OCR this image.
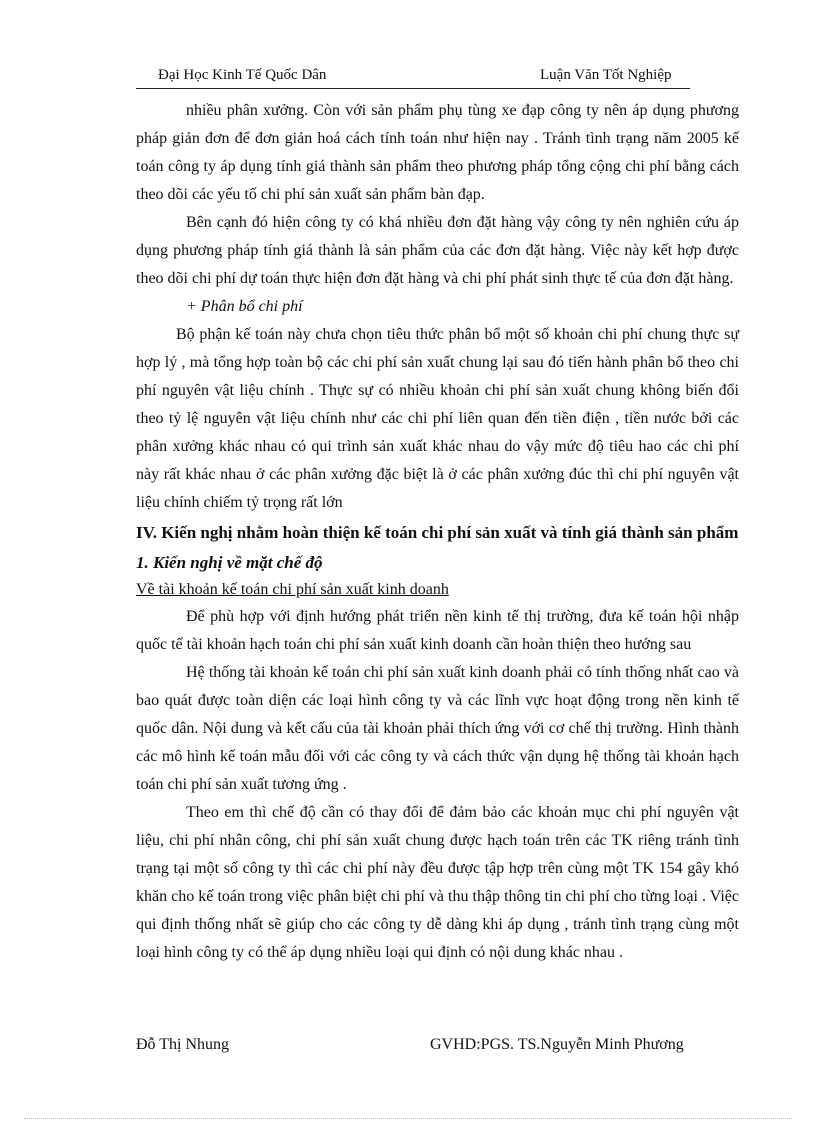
Đại Học Kinh Tế Quốc Dân	Luận Văn Tốt Nghiệp

nhiều phân xưởng. Còn với sản phẩm phụ tùng xe đạp công ty nên áp dụng phương pháp giản đơn để đơn giản hoá cách tính toán như hiện nay . Tránh tình trạng năm 2005 kế toán công ty áp dụng tính giá thành sản phẩm theo phương pháp tổng cộng chi phí bằng cách theo dõi các yếu tố chi phí sản xuất sản phẩm bàn đạp.

Bên cạnh đó hiện công ty có khá nhiều đơn đặt hàng vậy công ty nên nghiên cứu áp dụng phương pháp tính giá thành là sản phẩm của các đơn đặt hàng. Việc này kết hợp được theo dõi chi phí dự toán thực hiện đơn đặt hàng và chi phí phát sinh thực tế của đơn đặt hàng.

+ Phân bổ chi phí

Bộ phận kế toán này chưa chọn tiêu thức phân bổ một số khoản chi phí chung thực sự hợp lý , mà tổng hợp toàn bộ các chi phí sản xuất chung lại sau đó tiến hành phân bổ theo chi phí nguyên vật liệu chính . Thực sự có nhiều khoản chi phí sản xuất chung không biến đổi theo tỷ lệ nguyên vật liệu chính như các chi phí liên quan đến tiền điện , tiền nước bởi các phân xưởng khác nhau có qui trình sản xuất khác nhau do vậy mức độ tiêu hao các chi phí này rất khác nhau ở các phân xưởng đặc biệt là ở các phân xưởng đúc thì chi phí nguyên vật liệu chính chiếm tỷ trọng rất lớn

IV. Kiến nghị nhằm hoàn thiện kế toán chi phí sản xuất và tính giá thành sản phẩm

1. Kiến nghị về mặt chế độ

Về tài khoản kế toán chi phí sản xuất kinh doanh

Để phù hợp với định hướng phát triển nền kinh tế thị trường, đưa kế toán hội nhập quốc tế tài khoản hạch toán chi phí sản xuất kinh doanh cần hoàn thiện theo hướng sau

Hệ thống tài khoản kế toán chi phí sản xuất kinh doanh phải có tính thống nhất cao và bao quát được toàn diện các loại hình công ty và các lĩnh vực hoạt động trong nền kinh tế quốc dân. Nội dung và kết cấu của tài khoản phải thích ứng với cơ chế thị trường. Hình thành các mô hình kế toán mẫu đối với các công ty và cách thức vận dụng hệ thống tài khoản hạch toán chi phí sản xuất tương ứng .

Theo em thì chế độ cần có thay đổi để đảm bảo các khoản mục chi phí nguyên vật liệu, chi phí nhân công, chi phí sản xuất chung được hạch toán trên các TK riêng tránh tình trạng tại một số công ty thì các chi phí này đều được tập hợp trên cùng một TK 154 gây khó khăn cho kế toán trong việc phân biệt chi phí và thu thập thông tin chi phí cho từng loại . Việc qui định thống nhất sẽ giúp cho các công ty dễ dàng khi áp dụng , tránh tình trạng cùng một loại hình công ty có thể áp dụng nhiều loại qui định có nội dung khác nhau .

Đỗ Thị Nhung	GVHD:PGS. TS.Nguyễn Minh Phương
